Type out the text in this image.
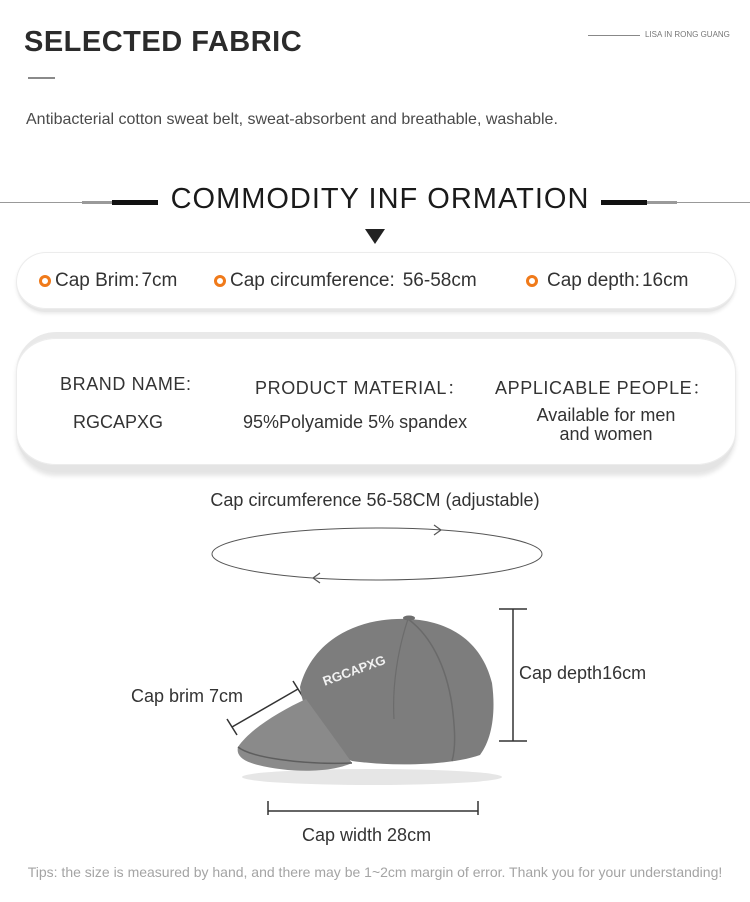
SELECTED FABRIC	LISA IN RONG GUANG
Antibacterial cotton sweat belt, sweat-absorbent and breathable, washable.
COMMODITY INF ORMATION
Cap Brim: 7cm	Cap circumference: 56-58cm	Cap depth: 16cm
BRAND NAME:
RGCAPXG
PRODUCT MATERIAL：
95%Polyamide 5% spandex
APPLICABLE PEOPLE：
Available for men
and women
Cap circumference 56-58CM (adjustable)
RGCAPXG	Cap depth16cm
Cap brim 7cm
Cap width 28cm
Tips: the size is measured by hand, and there may be 1~2cm margin of error. Thank you for your understanding!
